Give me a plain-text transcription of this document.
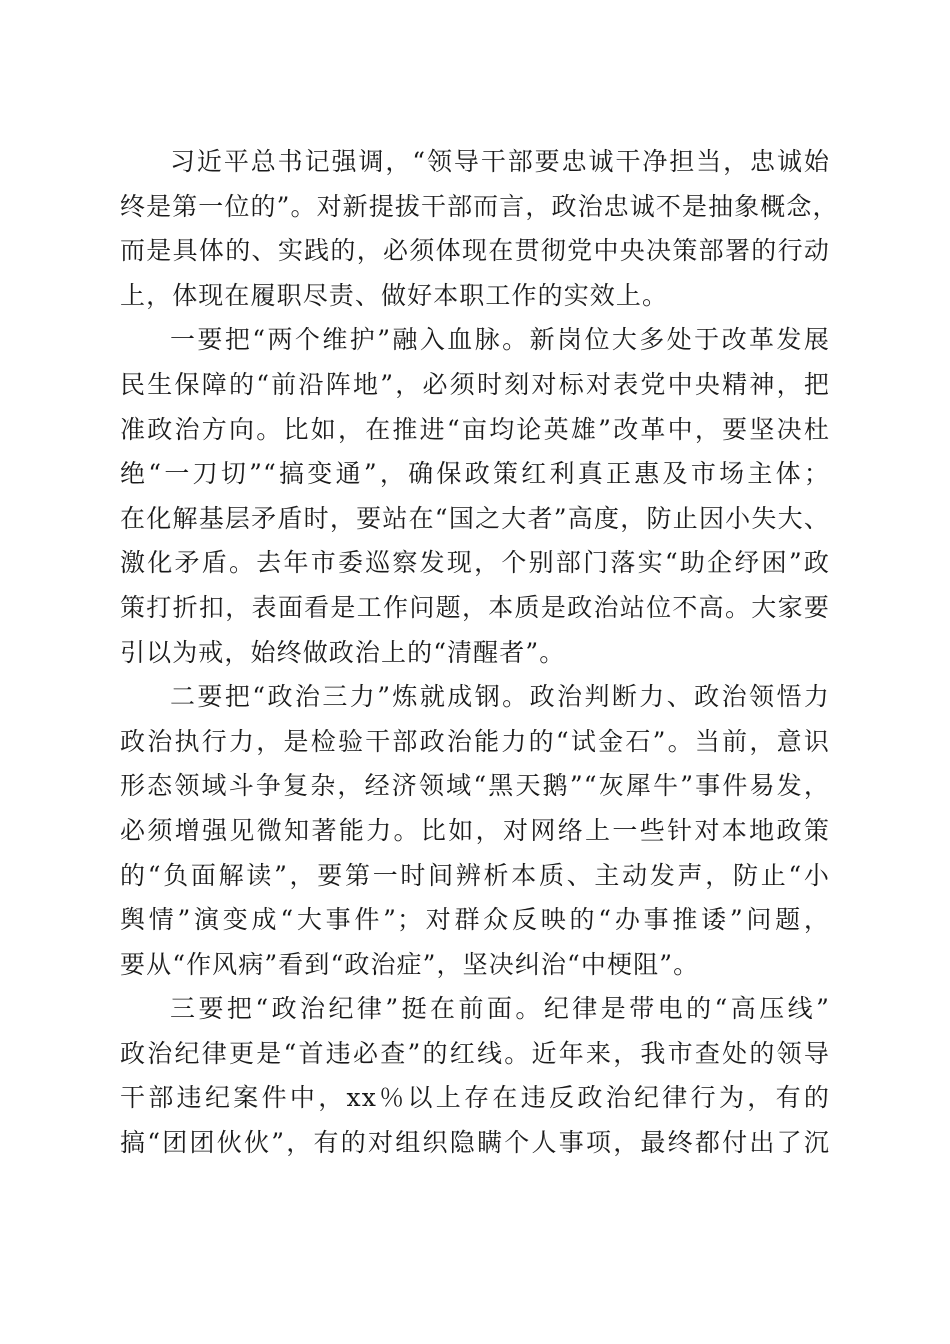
习近平总书记强调，“领导干部要忠诚干净担当，忠诚始
终是第一位的”。对新提拔干部而言，政治忠诚不是抽象概念，
而是具体的、实践的，必须体现在贯彻党中央决策部署的行动
上，体现在履职尽责、做好本职工作的实效上。

一要把“两个维护”融入血脉。新岗位大多处于改革发展
民生保障的“前沿阵地”，必须时刻对标对表党中央精神，把
准政治方向。比如，在推进“亩均论英雄”改革中，要坚决杜
绝“一刀切”“搞变通”，确保政策红利真正惠及市场主体；
在化解基层矛盾时，要站在“国之大者”高度，防止因小失大、
激化矛盾。去年市委巡察发现，个别部门落实“助企纾困”政
策打折扣，表面看是工作问题，本质是政治站位不高。大家要
引以为戒，始终做政治上的“清醒者”。

二要把“政治三力”炼就成钢。政治判断力、政治领悟力
政治执行力，是检验干部政治能力的“试金石”。当前，意识
形态领域斗争复杂，经济领域“黑天鹅”“灰犀牛”事件易发，
必须增强见微知著能力。比如，对网络上一些针对本地政策
的“负面解读”，要第一时间辨析本质、主动发声，防止“小
舆情”演变成“大事件”；对群众反映的“办事推诿”问题，
要从“作风病”看到“政治症”，坚决纠治“中梗阻”。

三要把“政治纪律”挺在前面。纪律是带电的“高压线”
政治纪律更是“首违必查”的红线。近年来，我市查处的领导
干部违纪案件中，xx％以上存在违反政治纪律行为，有的
搞“团团伙伙”，有的对组织隐瞒个人事项，最终都付出了沉
